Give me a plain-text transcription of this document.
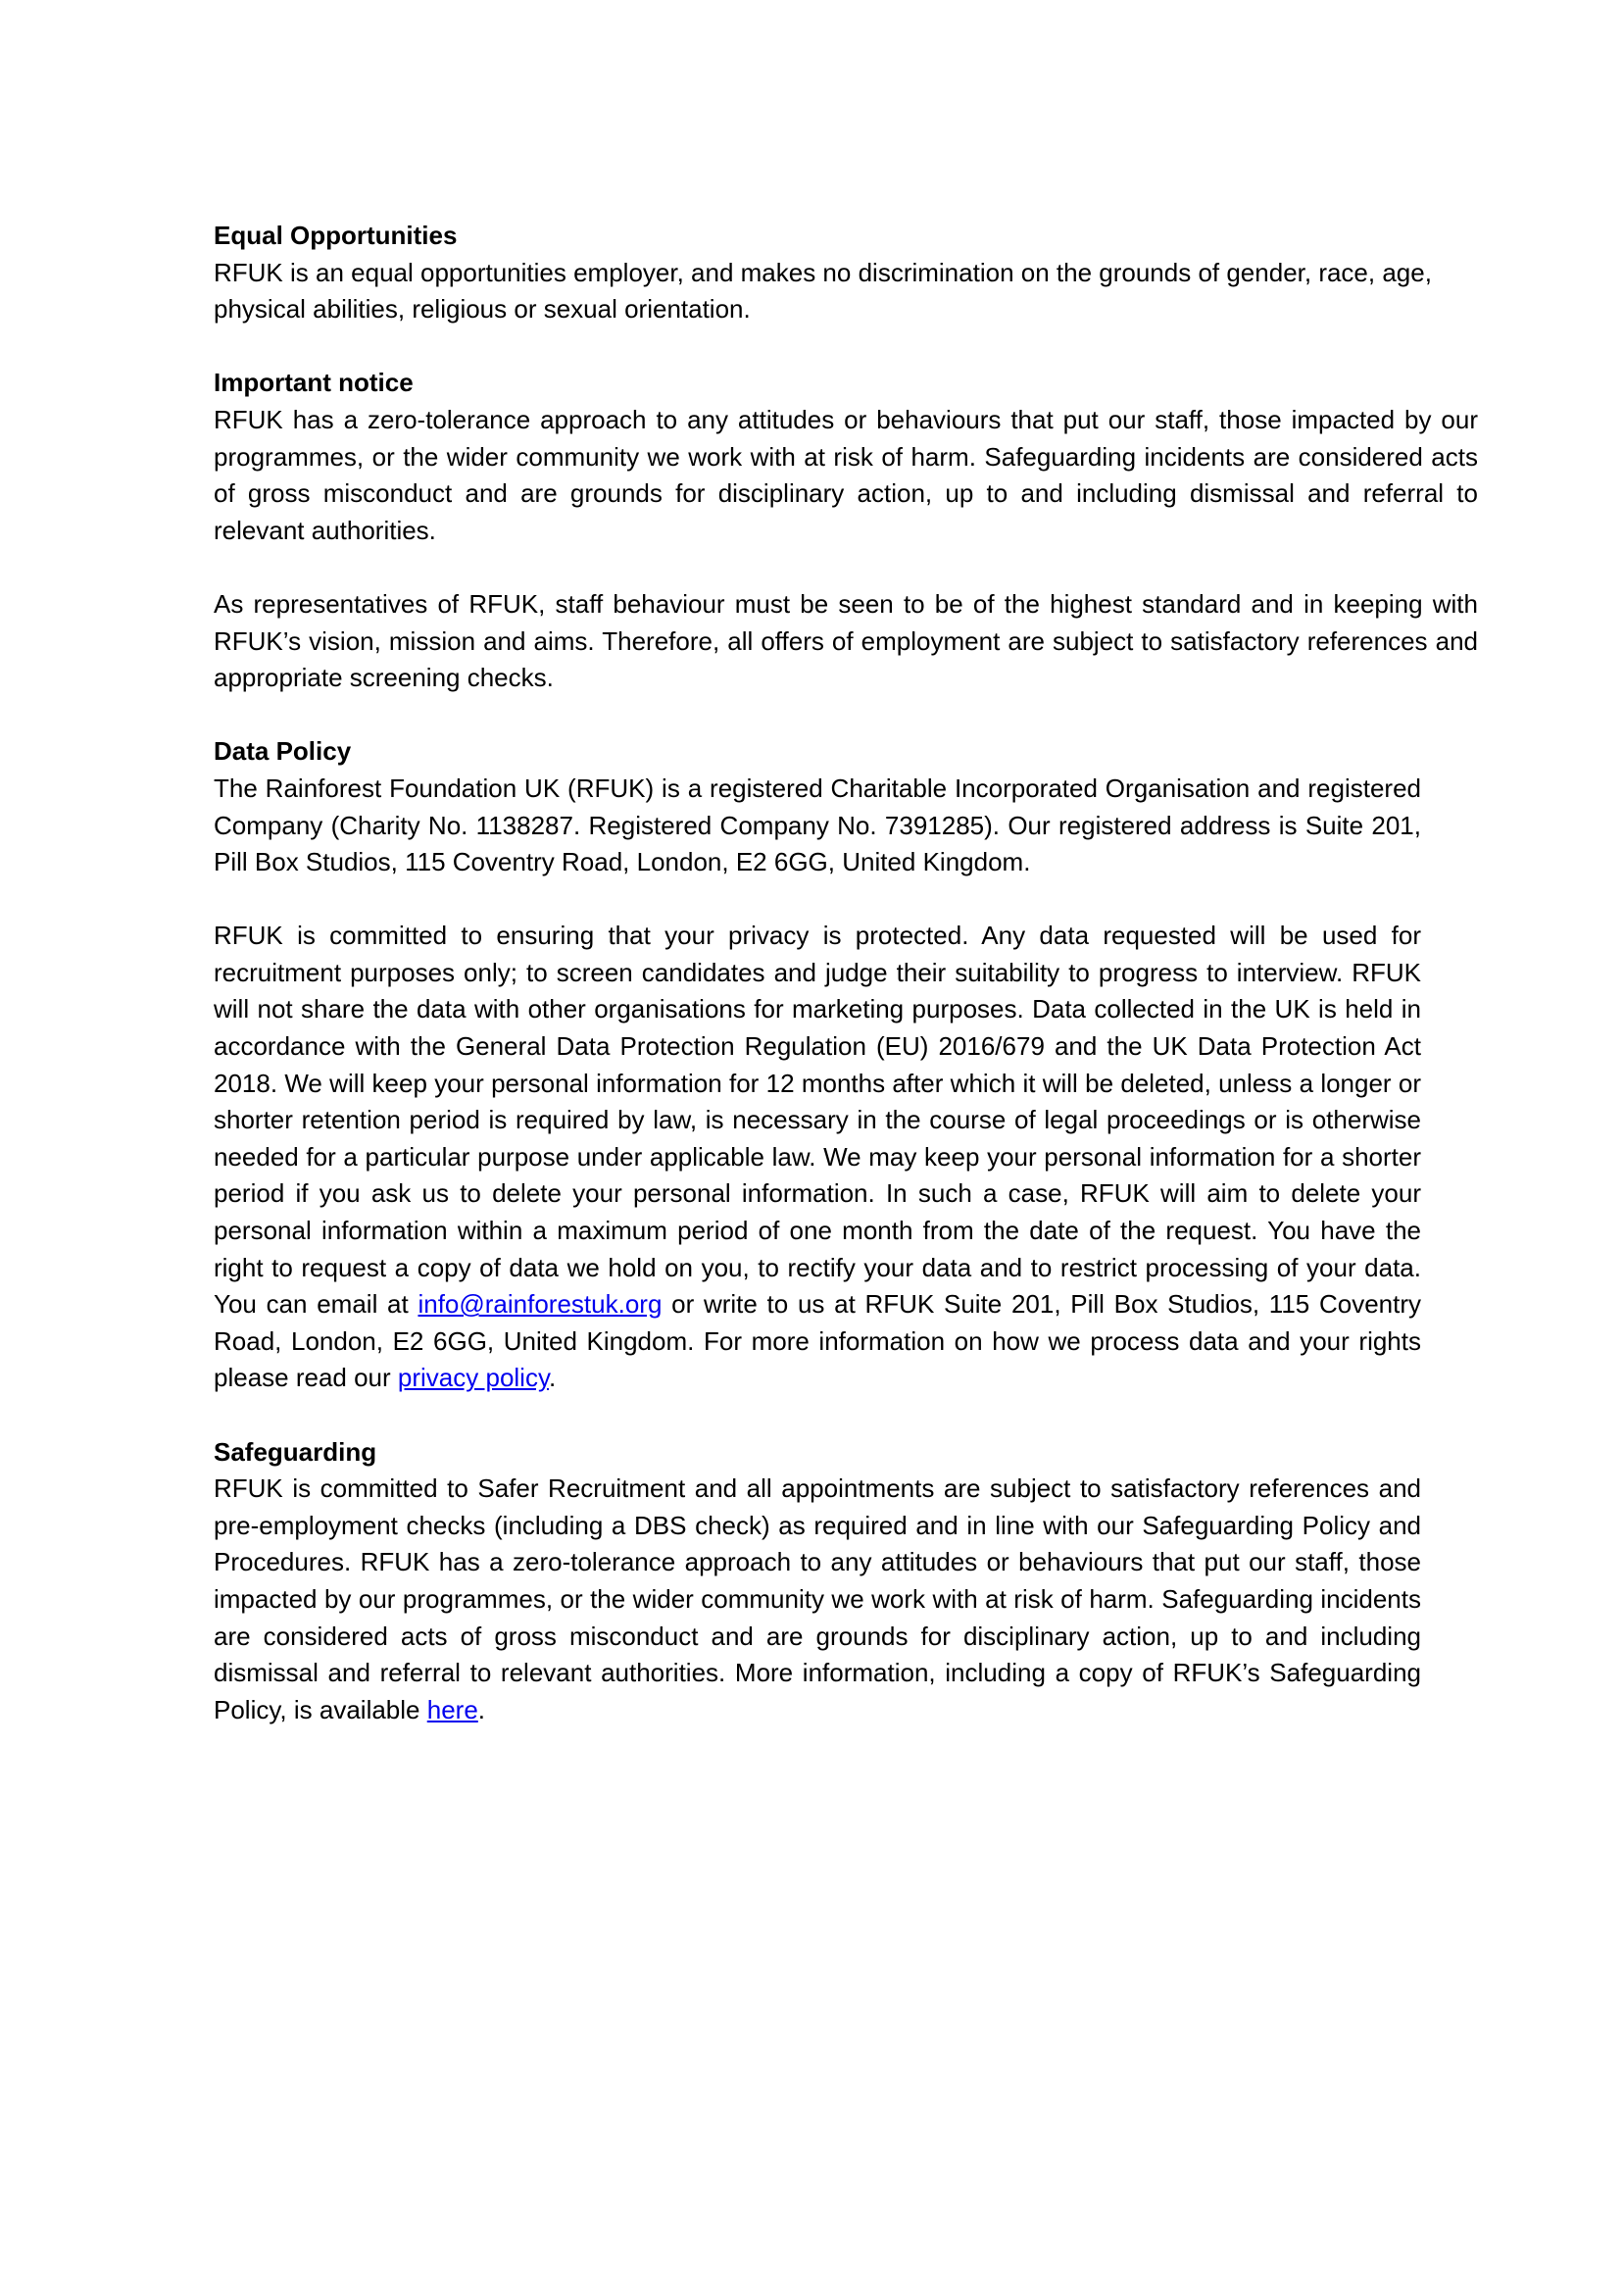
Equal Opportunities

RFUK is an equal opportunities employer, and makes no discrimination on the grounds of gender, race, age, physical abilities, religious or sexual orientation.

Important notice

RFUK has a zero-tolerance approach to any attitudes or behaviours that put our staff, those impacted by our programmes, or the wider community we work with at risk of harm. Safeguarding incidents are considered acts of gross misconduct and are grounds for disciplinary action, up to and including dismissal and referral to relevant authorities.

As representatives of RFUK, staff behaviour must be seen to be of the highest standard and in keeping with RFUK’s vision, mission and aims. Therefore, all offers of employment are subject to satisfactory references and appropriate screening checks.

Data Policy

The Rainforest Foundation UK (RFUK) is a registered Charitable Incorporated Organisation and registered Company (Charity No. 1138287. Registered Company No. 7391285). Our registered address is Suite 201, Pill Box Studios, 115 Coventry Road, London, E2 6GG, United Kingdom.

RFUK is committed to ensuring that your privacy is protected. Any data requested will be used for recruitment purposes only; to screen candidates and judge their suitability to progress to interview. RFUK will not share the data with other organisations for marketing purposes. Data collected in the UK is held in accordance with the General Data Protection Regulation (EU) 2016/679 and the UK Data Protection Act 2018. We will keep your personal information for 12 months after which it will be deleted, unless a longer or shorter retention period is required by law, is necessary in the course of legal proceedings or is otherwise needed for a particular purpose under applicable law. We may keep your personal information for a shorter period if you ask us to delete your personal information. In such a case, RFUK will aim to delete your personal information within a maximum period of one month from the date of the request. You have the right to request a copy of data we hold on you, to rectify your data and to restrict processing of your data. You can email at info@rainforestuk.org or write to us at RFUK Suite 201, Pill Box Studios, 115 Coventry Road, London, E2 6GG, United Kingdom. For more information on how we process data and your rights please read our privacy policy.

Safeguarding

RFUK is committed to Safer Recruitment and all appointments are subject to satisfactory references and pre-employment checks (including a DBS check) as required and in line with our Safeguarding Policy and Procedures. RFUK has a zero-tolerance approach to any attitudes or behaviours that put our staff, those impacted by our programmes, or the wider community we work with at risk of harm. Safeguarding incidents are considered acts of gross misconduct and are grounds for disciplinary action, up to and including dismissal and referral to relevant authorities. More information, including a copy of RFUK’s Safeguarding Policy, is available here.
